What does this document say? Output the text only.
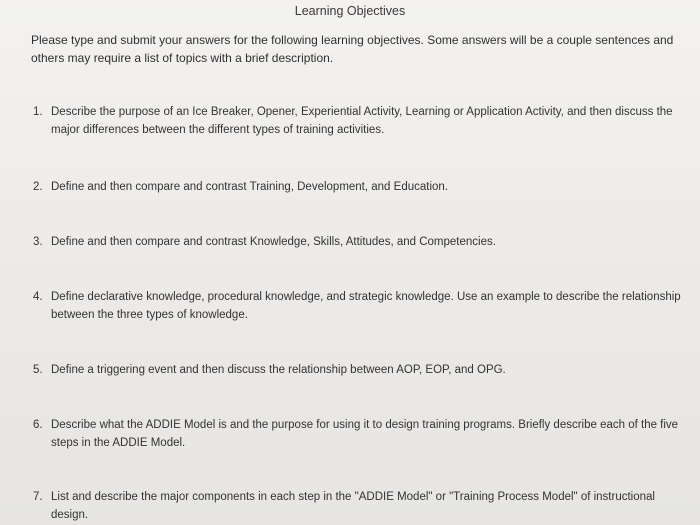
Learning Objectives
Please type and submit your answers for the following learning objectives. Some answers will be a couple sentences and others may require a list of topics with a brief description.
1. Describe the purpose of an Ice Breaker, Opener, Experiential Activity, Learning or Application Activity, and then discuss the major differences between the different types of training activities.
2. Define and then compare and contrast Training, Development, and Education.
3. Define and then compare and contrast Knowledge, Skills, Attitudes, and Competencies.
4. Define declarative knowledge, procedural knowledge, and strategic knowledge. Use an example to describe the relationship between the three types of knowledge.
5. Define a triggering event and then discuss the relationship between AOP, EOP, and OPG.
6. Describe what the ADDIE Model is and the purpose for using it to design training programs. Briefly describe each of the five steps in the ADDIE Model.
7. List and describe the major components in each step in the "ADDIE Model" or "Training Process Model" of instructional design.
